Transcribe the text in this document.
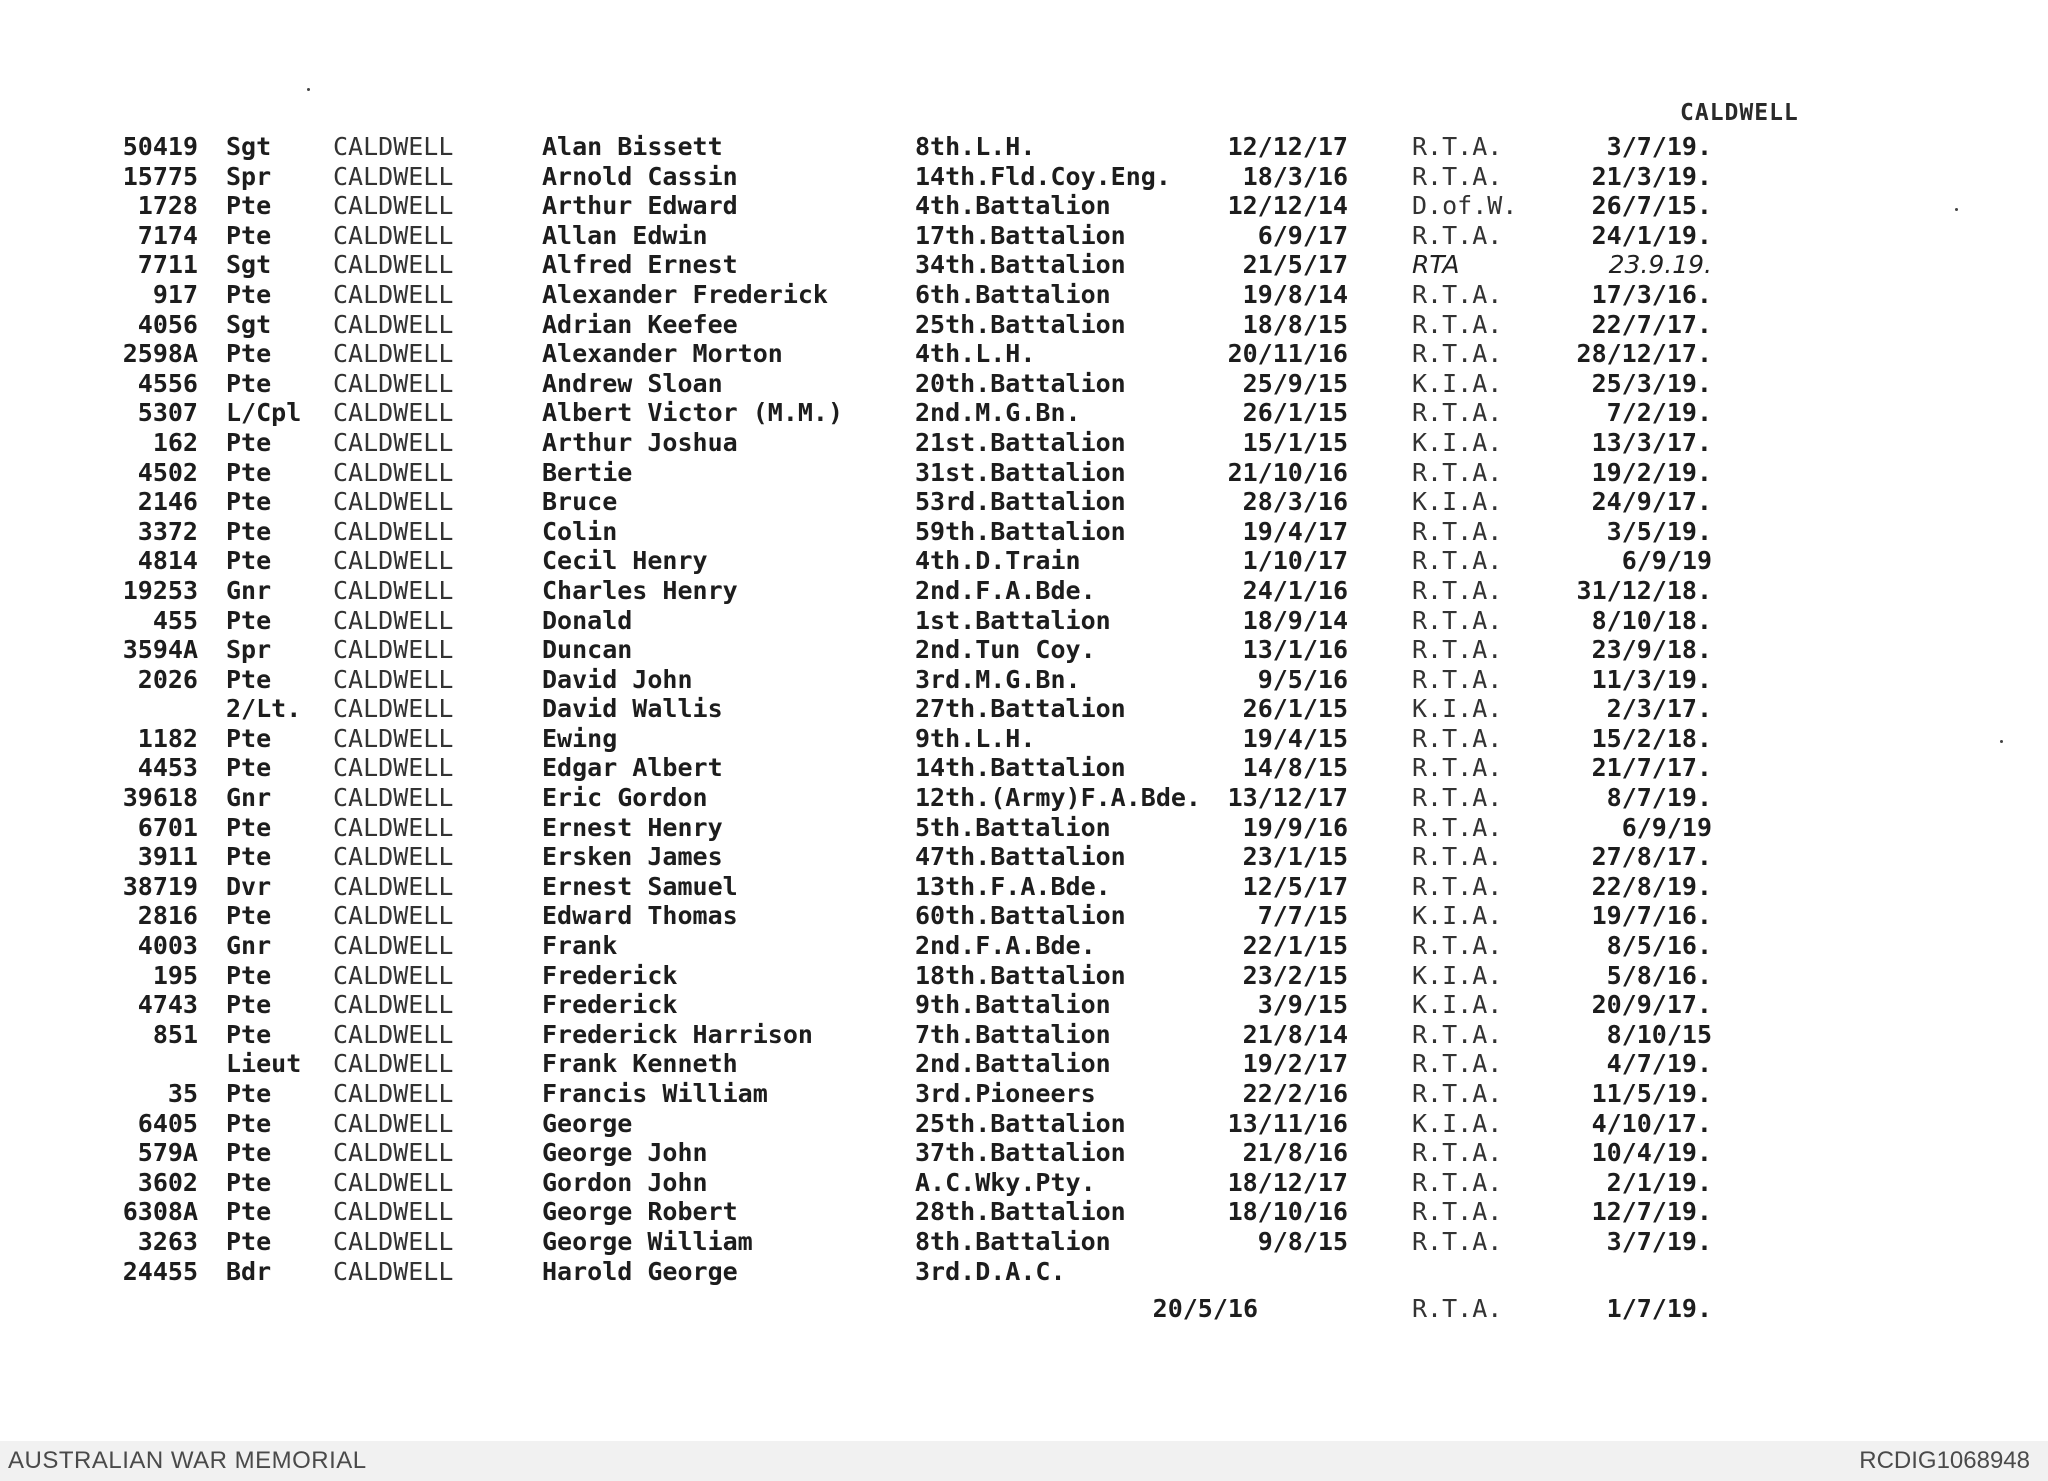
CALDWELL
50419 Sgt CALDWELL	Alan Bissett	8th.L.H.	12/12/17	R.T.A.	3/7/19.
15775 Spr CALDWELL	Arnold Cassin	14th.Fld.Coy.Eng.	18/3/16	R.T.A.	21/3/19.
1728 Pte CALDWELL	Arthur Edward	4th.Battalion	12/12/14	D.of.W.	26/7/15.
7174 Pte CALDWELL	Allan Edwin	17th.Battalion	6/9/17	R.T.A.	24/1/19.
7711 Sgt CALDWELL	Alfred Ernest	34th.Battalion	21/5/17	RTA	23.9.19.
917 Pte CALDWELL	Alexander Frederick	6th.Battalion	19/8/14	R.T.A.	17/3/16.
4056 Sgt CALDWELL	Adrian Keefee	25th.Battalion	18/8/15	R.T.A.	22/7/17.
2598A Pte CALDWELL	Alexander Morton	4th.L.H.	20/11/16	R.T.A.	28/12/17.
4556 Pte CALDWELL	Andrew Sloan	20th.Battalion	25/9/15	K.I.A.	25/3/19.
5307 L/Cpl CALDWELL	Albert Victor (M.M.)	2nd.M.G.Bn.	26/1/15	R.T.A.	7/2/19.
162 Pte CALDWELL	Arthur Joshua	21st.Battalion	15/1/15	K.I.A.	13/3/17.
4502 Pte CALDWELL	Bertie	31st.Battalion	21/10/16	R.T.A.	19/2/19.
2146 Pte CALDWELL	Bruce	53rd.Battalion	28/3/16	K.I.A.	24/9/17.
3372 Pte CALDWELL	Colin	59th.Battalion	19/4/17	R.T.A.	3/5/19.
4814 Pte CALDWELL	Cecil Henry	4th.D.Train	1/10/17	R.T.A.	6/9/19
19253 Gnr CALDWELL	Charles Henry	2nd.F.A.Bde.	24/1/16	R.T.A.	31/12/18.
455 Pte CALDWELL	Donald	1st.Battalion	18/9/14	R.T.A.	8/10/18.
3594A Spr CALDWELL	Duncan	2nd.Tun Coy.	13/1/16	R.T.A.	23/9/18.
2026 Pte CALDWELL	David John	3rd.M.G.Bn.	9/5/16	R.T.A.	11/3/19.
2/Lt. CALDWELL	David Wallis	27th.Battalion	26/1/15	K.I.A.	2/3/17.
1182 Pte CALDWELL	Ewing	9th.L.H.	19/4/15	R.T.A.	15/2/18.
4453 Pte CALDWELL	Edgar Albert	14th.Battalion	14/8/15	R.T.A.	21/7/17.
39618 Gnr CALDWELL	Eric Gordon	12th.(Army)F.A.Bde.	13/12/17	R.T.A.	8/7/19.
6701 Pte CALDWELL	Ernest Henry	5th.Battalion	19/9/16	R.T.A.	6/9/19
3911 Pte CALDWELL	Ersken James	47th.Battalion	23/1/15	R.T.A.	27/8/17.
38719 Dvr CALDWELL	Ernest Samuel	13th.F.A.Bde.	12/5/17	R.T.A.	22/8/19.
2816 Pte CALDWELL	Edward Thomas	60th.Battalion	7/7/15	K.I.A.	19/7/16.
4003 Gnr CALDWELL	Frank	2nd.F.A.Bde.	22/1/15	R.T.A.	8/5/16.
195 Pte CALDWELL	Frederick	18th.Battalion	23/2/15	K.I.A.	5/8/16.
4743 Pte CALDWELL	Frederick	9th.Battalion	3/9/15	K.I.A.	20/9/17.
851 Pte CALDWELL	Frederick Harrison	7th.Battalion	21/8/14	R.T.A.	8/10/15
Lieut CALDWELL	Frank Kenneth	2nd.Battalion	19/2/17	R.T.A.	4/7/19.
35 Pte CALDWELL	Francis William	3rd.Pioneers	22/2/16	R.T.A.	11/5/19.
6405 Pte CALDWELL	George	25th.Battalion	13/11/16	K.I.A.	4/10/17.
579A Pte CALDWELL	George John	37th.Battalion	21/8/16	R.T.A.	10/4/19.
3602 Pte CALDWELL	Gordon John	A.C.Wky.Pty.	18/12/17	R.T.A.	2/1/19.
6308A Pte CALDWELL	George Robert	28th.Battalion	18/10/16	R.T.A.	12/7/19.
3263 Pte CALDWELL	George William	8th.Battalion	9/8/15	R.T.A.	3/7/19.
24455 Bdr CALDWELL	Harold George	3rd.D.A.C.
20/5/16	R.T.A.	1/7/19.
AUSTRALIAN WAR MEMORIAL	RCDIG1068948
